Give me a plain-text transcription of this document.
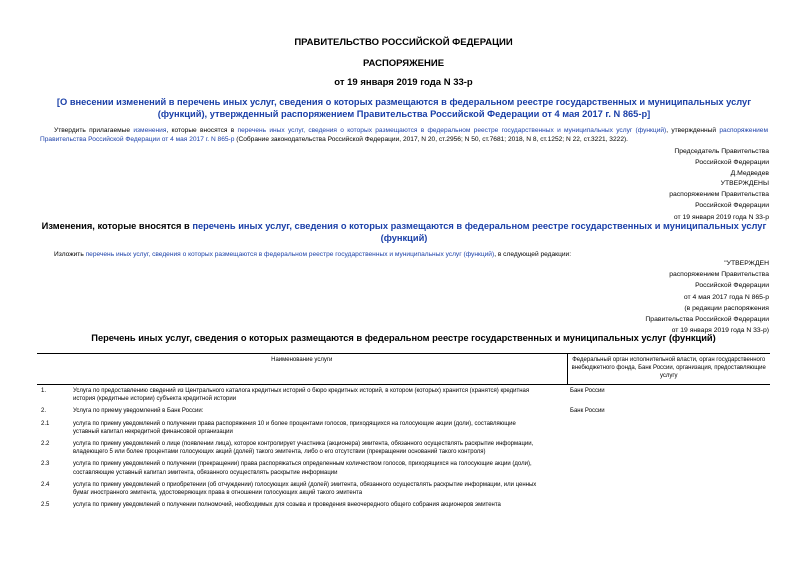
ПРАВИТЕЛЬСТВО РОССИЙСКОЙ ФЕДЕРАЦИИ
РАСПОРЯЖЕНИЕ
от 19 января 2019 года N 33-р
[О внесении изменений в перечень иных услуг, сведения о которых размещаются в федеральном реестре государственных и муниципальных услуг (функций), утвержденный распоряжением Правительства Российской Федерации от 4 мая 2017 г. N 865-р]
Утвердить прилагаемые изменения, которые вносятся в перечень иных услуг, сведения о которых размещаются в федеральном реестре государственных и муниципальных услуг (функций), утвержденный распоряжением Правительства Российской Федерации от 4 мая 2017 г. N 865-р (Собрание законодательства Российской Федерации, 2017, N 20, ст.2956; N 50, ст.7681; 2018, N 8, ст.1252; N 22, ст.3221, 3222).
Председатель Правительства
Российской Федерации
Д.Медведев
УТВЕРЖДЕНЫ
распоряжением Правительства
Российской Федерации
от 19 января 2019 года N 33-р
Изменения, которые вносятся в перечень иных услуг, сведения о которых размещаются в федеральном реестре государственных и муниципальных услуг (функций)
Изложить перечень иных услуг, сведения о которых размещаются в федеральном реестре государственных и муниципальных услуг (функций), в следующей редакции:
"УТВЕРЖДЕН
распоряжением Правительства
Российской Федерации
от 4 мая 2017 года N 865-р
(в редакции распоряжения
Правительства Российской Федерации
от 19 января 2019 года N 33-р)
Перечень иных услуг, сведения о которых размещаются в федеральном реестре государственных и муниципальных услуг (функций)
Наименование услуги		Федеральный орган исполнительной власти, орган государственного внебюджетного фонда, Банк России, организация, предоставляющие услугу
1.	Услуга по предоставлению сведений из Центрального каталога кредитных историй о бюро кредитных историй, в котором (которых) хранится (хранятся) кредитная история (кредитные истории) субъекта кредитной истории	Банк России
2.	Услуга по приему уведомлений в Банк России:	Банк России
2.1	услуга по приему уведомлений о получении права распоряжения 10 и более процентами голосов, приходящихся на голосующие акции (доли), составляющие уставный капитал некредитной финансовой организации	
2.2	услуга по приему уведомлений о лице (появлении лица), которое контролирует участника (акционера) эмитента, обязанного осуществлять раскрытие информации, владеющего 5 или более процентами голосующих акций (долей) такого эмитента, либо о его отсутствии (прекращении оснований такого контроля)	
2.3	услуга по приему уведомлений о получении (прекращении) права распоряжаться определенным количеством голосов, приходящихся на голосующие акции (доли), составляющие уставный капитал эмитента, обязанного осуществлять раскрытие информации	
2.4	услуга по приему уведомлений о приобретении (об отчуждении) голосующих акций (долей) эмитента, обязанного осуществлять раскрытие информации, или ценных бумаг иностранного эмитента, удостоверяющих права в отношении голосующих акций такого эмитента	
2.5	услуга по приему уведомлений о получении полномочий, необходимых для созыва и проведения внеочередного общего собрания акционеров эмитента	
